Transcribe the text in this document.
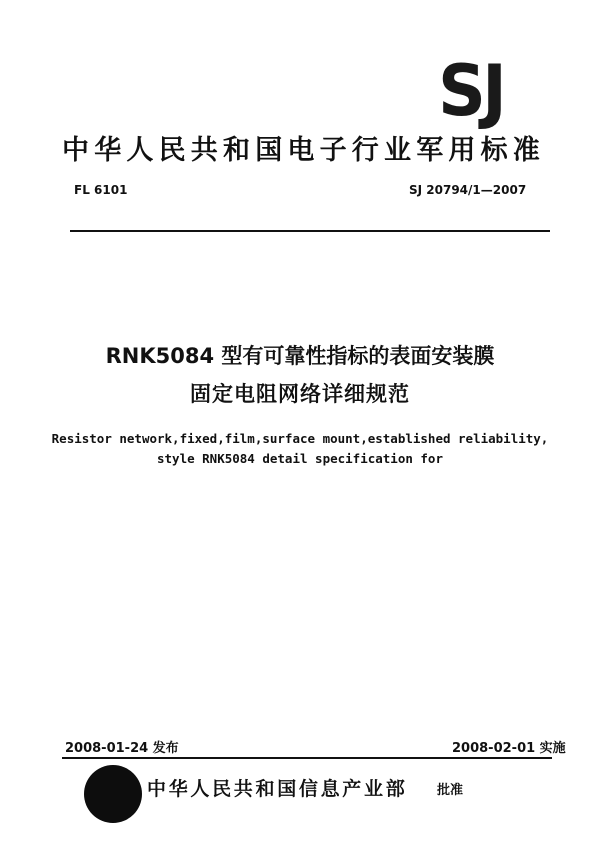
SJ
中华人民共和国电子行业军用标准
FL 6101	SJ 20794/1—2007
RNK5084 型有可靠性指标的表面安装膜
固定电阻网络详细规范
Resistor network,fixed,film,surface mount,established reliability,
style RNK5084 detail specification for
2008-01-24 发布	2008-02-01 实施
中华人民共和国信息产业部 批准
